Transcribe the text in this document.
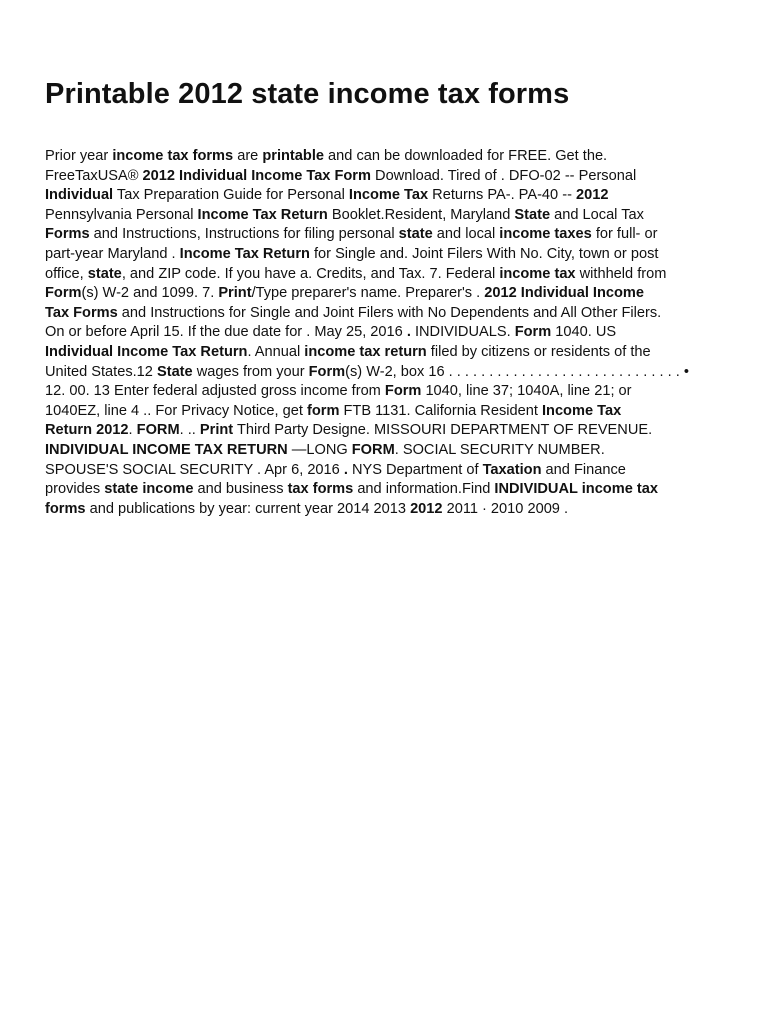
Printable 2012 state income tax forms
Prior year income tax forms are printable and can be downloaded for FREE. Get the.
FreeTaxUSA® 2012 Individual Income Tax Form Download. Tired of . DFO-02 -- Personal
Individual Tax Preparation Guide for Personal Income Tax Returns PA-. PA-40 -- 2012
Pennsylvania Personal Income Tax Return Booklet.Resident, Maryland State and Local Tax
Forms and Instructions, Instructions for filing personal state and local income taxes for full- or
part-year Maryland . Income Tax Return for Single and. Joint Filers With No. City, town or post
office, state, and ZIP code. If you have a. Credits, and Tax. 7. Federal income tax withheld from
Form(s) W-2 and 1099. 7. Print/Type preparer's name. Preparer's . 2012 Individual Income
Tax Forms and Instructions for Single and Joint Filers with No Dependents and All Other Filers.
On or before April 15. If the due date for . May 25, 2016 . INDIVIDUALS. Form 1040. US
Individual Income Tax Return. Annual income tax return filed by citizens or residents of the
United States.12 State wages from your Form(s) W-2, box 16 . . . . . . . . . . . . . . . . . . . . . . . . . . . . . •
12. 00. 13 Enter federal adjusted gross income from Form 1040, line 37; 1040A, line 21; or
1040EZ, line 4 .. For Privacy Notice, get form FTB 1131. California Resident Income Tax
Return 2012. FORM. .. Print Third Party Designe. MISSOURI DEPARTMENT OF REVENUE.
INDIVIDUAL INCOME TAX RETURN —LONG FORM. SOCIAL SECURITY NUMBER.
SPOUSE'S SOCIAL SECURITY . Apr 6, 2016 . NYS Department of Taxation and Finance
provides state income and business tax forms and information.Find INDIVIDUAL income tax
forms and publications by year: current year 2014 2013 2012 2011 · 2010 2009 .
